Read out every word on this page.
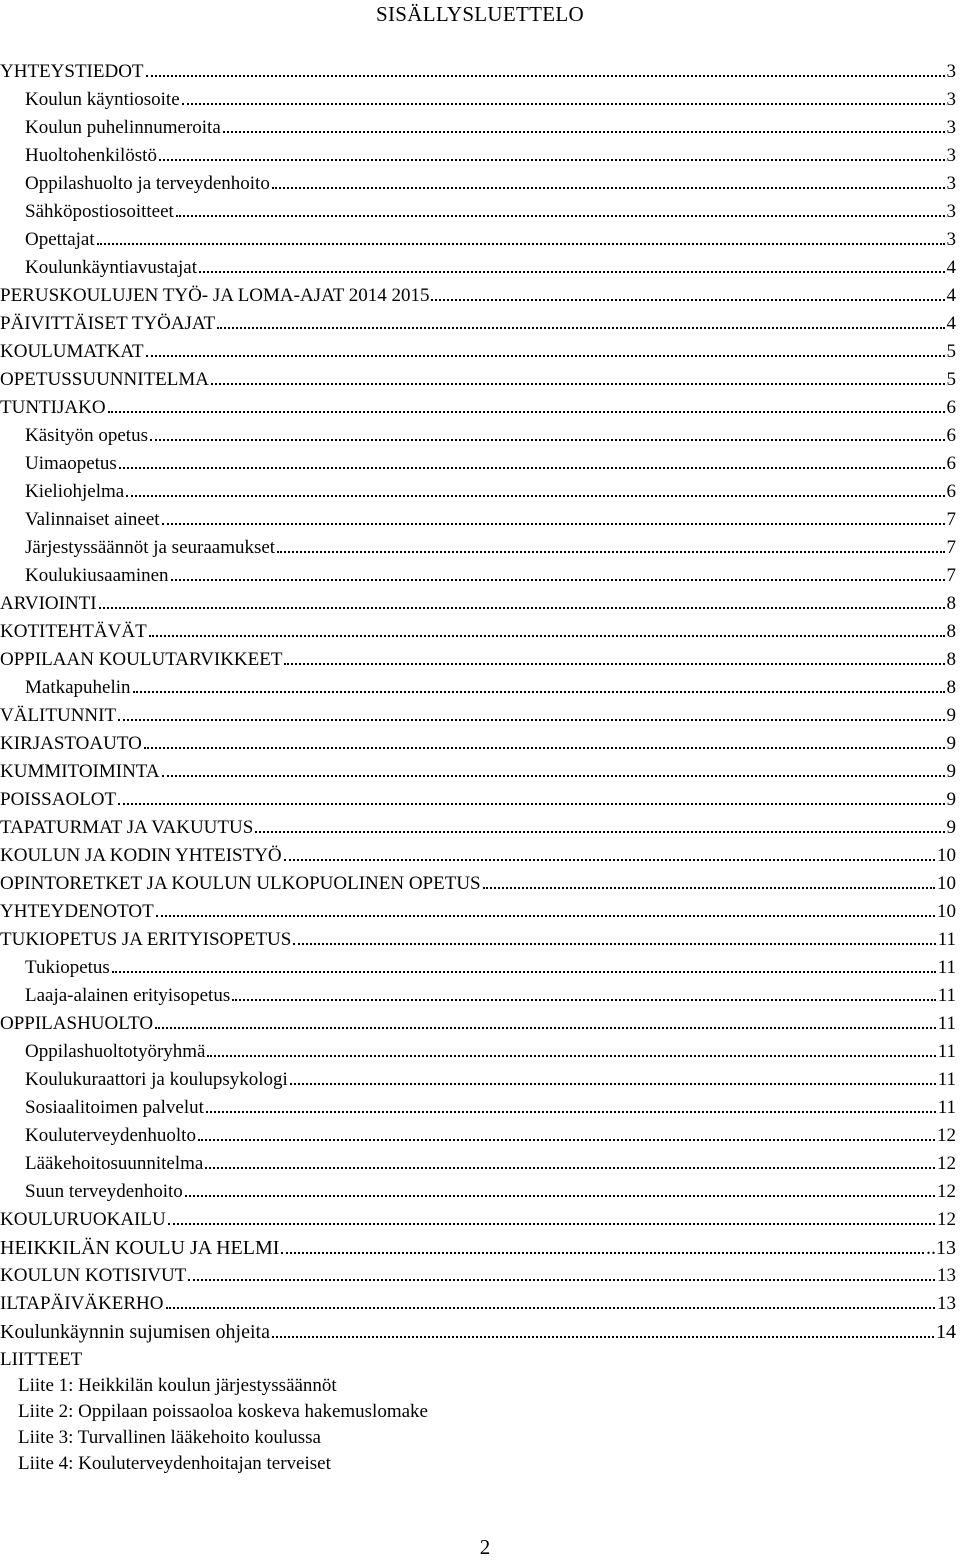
SISÄLLYSLUETTELO
YHTEYSTIEDOT	3
Koulun käyntiosoite	3
Koulun puhelinnumeroita	3
Huoltohenkilöstö	3
Oppilashuolto ja terveydenhoito	3
Sähköpostiosoitteet	3
Opettajat	3
Koulunkäyntiavustajat	4
PERUSKOULUJEN TYÖ- JA LOMA-AJAT 2014 2015	4
PÄIVITTÄISET TYÖAJAT	4
KOULUMATKAT	5
OPETUSSUUNNITELMA	5
TUNTIJAKO	6
Käsityön opetus	6
Uimaopetus	6
Kieliohjelma	6
Valinnaiset aineet	7
Järjestyssäännöt ja seuraamukset	7
Koulukiusaaminen	7
ARVIOINTI	8
KOTITEHTÄVÄT	8
OPPILAAN KOULUTARVIKKEET	8
Matkapuhelin	8
VÄLITUNNIT	9
KIRJASTOAUTO	9
KUMMITOIMINTA	9
POISSAOLOT	9
TAPATURMAT JA VAKUUTUS	9
KOULUN JA KODIN YHTEISTYÖ	10
OPINTORETKET JA KOULUN ULKOPUOLINEN OPETUS	10
YHTEYDENOTOT	10
TUKIOPETUS JA ERITYISOPETUS	11
Tukiopetus	11
Laaja-alainen erityisopetus	11
OPPILASHUOLTO	11
Oppilashuoltotyöryhmä	11
Koulukuraattori ja koulupsykologi	11
Sosiaalitoimen palvelut	11
Kouluterveydenhuolto	12
Lääkehoitosuunnitelma	12
Suun terveydenhoito	12
KOULURUOKAILU	12
HEIKKILÄN KOULU JA HELMI	..13
KOULUN KOTISIVUT	13
ILTAPÄIVÄKERHO	13
Koulunkäynnin sujumisen ohjeita	14
LIITTEET
Liite 1: Heikkilän koulun järjestyssäännöt
Liite 2: Oppilaan poissaoloa koskeva hakemuslomake
Liite 3: Turvallinen lääkehoito koulussa
Liite 4: Kouluterveydenhoitajan terveiset
2
